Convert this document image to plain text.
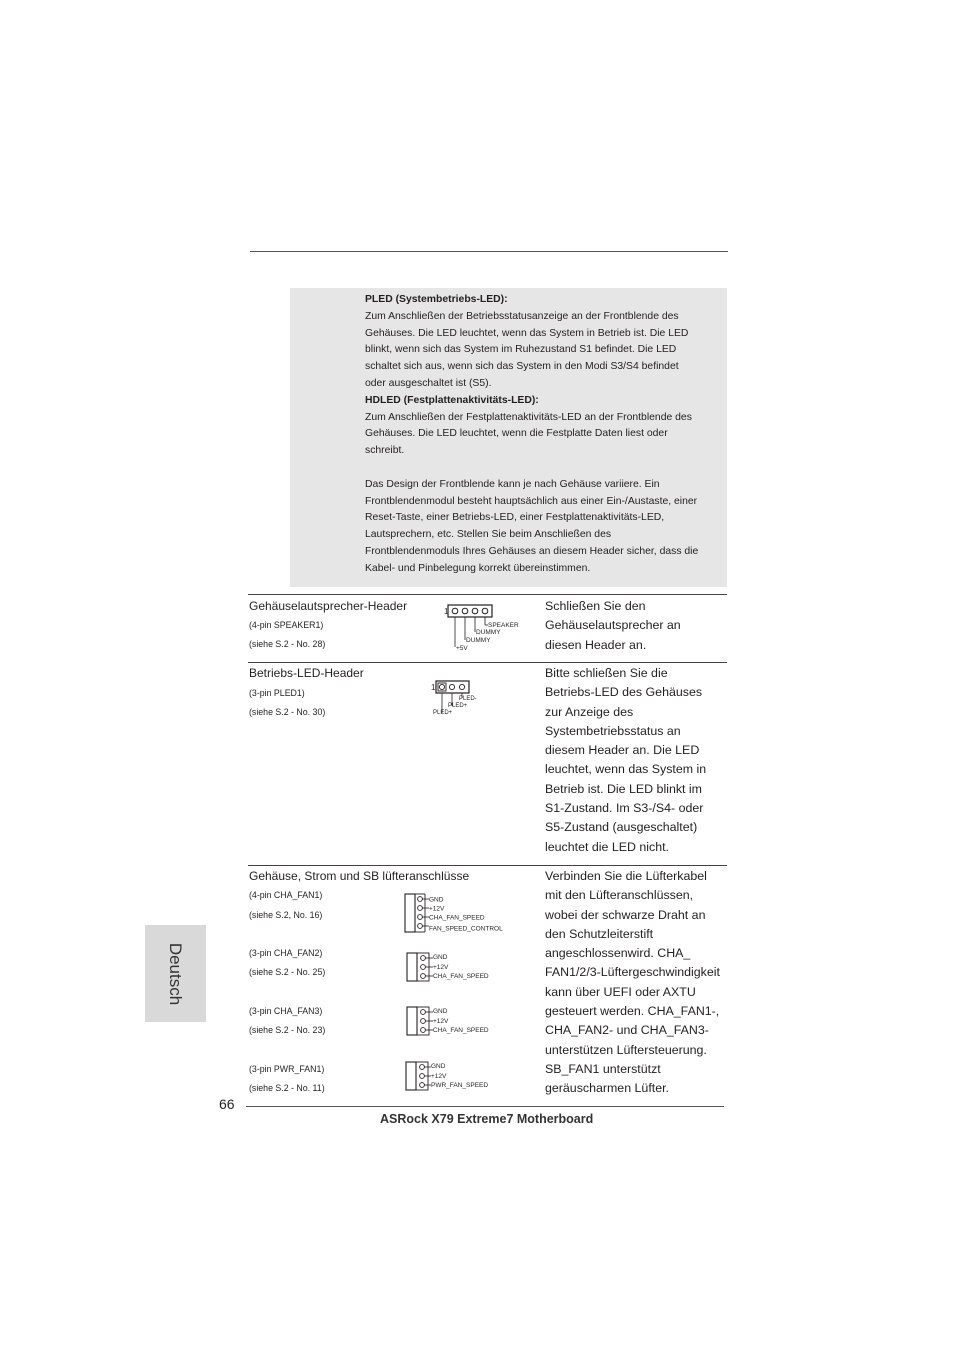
PLED (Systembetriebs-LED):

Zum Anschließen der Betriebsstatusanzeige an der Frontblende des

Gehäuses. Die LED leuchtet, wenn das System in Betrieb ist. Die LED

blinkt, wenn sich das System im Ruhezustand S1 befindet. Die LED

schaltet sich aus, wenn sich das System in den Modi S3/S4 befindet

oder ausgeschaltet ist (S5).

HDLED (Festplattenaktivitäts-LED):

Zum Anschließen der Festplattenaktivitäts-LED an der Frontblende des

Gehäuses. Die LED leuchtet, wenn die Festplatte Daten liest oder

schreibt.

Das Design der Frontblende kann je nach Gehäuse variiere. Ein

Frontblendenmodul besteht hauptsächlich aus einer Ein-/Austaste, einer

Reset-Taste, einer Betriebs-LED, einer Festplattenaktivitäts-LED,

Lautsprechern, etc. Stellen Sie beim Anschließen des

Frontblendenmoduls Ihres Gehäuses an diesem Header sicher, dass die

Kabel- und Pinbelegung korrekt übereinstimmen.

Gehäuselautsprecher-Header
(4-pin SPEAKER1)
(siehe S.2 - No. 28)
1
SPEAKER
DUMMY
DUMMY
+5V
Schließen Sie den
Gehäuselautsprecher an
diesen Header an.
Betriebs-LED-Header
(3-pin PLED1)
(siehe S.2 - No. 30)
1
PLED-
PLED+
PLED+
Bitte schließen Sie die
Betriebs-LED des Gehäuses
zur Anzeige des
Systembetriebsstatus an
diesem Header an. Die LED
leuchtet, wenn das System in
Betrieb ist. Die LED blinkt im
S1-Zustand. Im S3-/S4- oder
S5-Zustand (ausgeschaltet)
leuchtet die LED nicht.
Gehäuse, Strom und SB lüfteranschlüsse
(4-pin CHA_FAN1)
(siehe S.2, No. 16)
GND
+12V
CHA_FAN_SPEED
FAN_SPEED_CONTROL
(3-pin CHA_FAN2)
(siehe S.2 - No. 25)
GND
+12V
CHA_FAN_SPEED
(3-pin CHA_FAN3)
(siehe S.2 - No. 23)
GND
+12V
CHA_FAN_SPEED
(3-pin PWR_FAN1)
(siehe S.2 - No. 11)
GND
+12V
PWR_FAN_SPEED
Verbinden Sie die Lüfterkabel
mit den Lüfteranschlüssen,
wobei der schwarze Draht an
den Schutzleiterstift
angeschlossenwird. CHA_
FAN1/2/3-Lüftergeschwindigkeit
kann über UEFI oder AXTU
gesteuert werden. CHA_FAN1-,
CHA_FAN2- und CHA_FAN3-
unterstützen Lüftersteuerung.
SB_FAN1 unterstützt
geräuscharmen Lüfter.
Deutsch
66
ASRock X79 Extreme7 Motherboard
